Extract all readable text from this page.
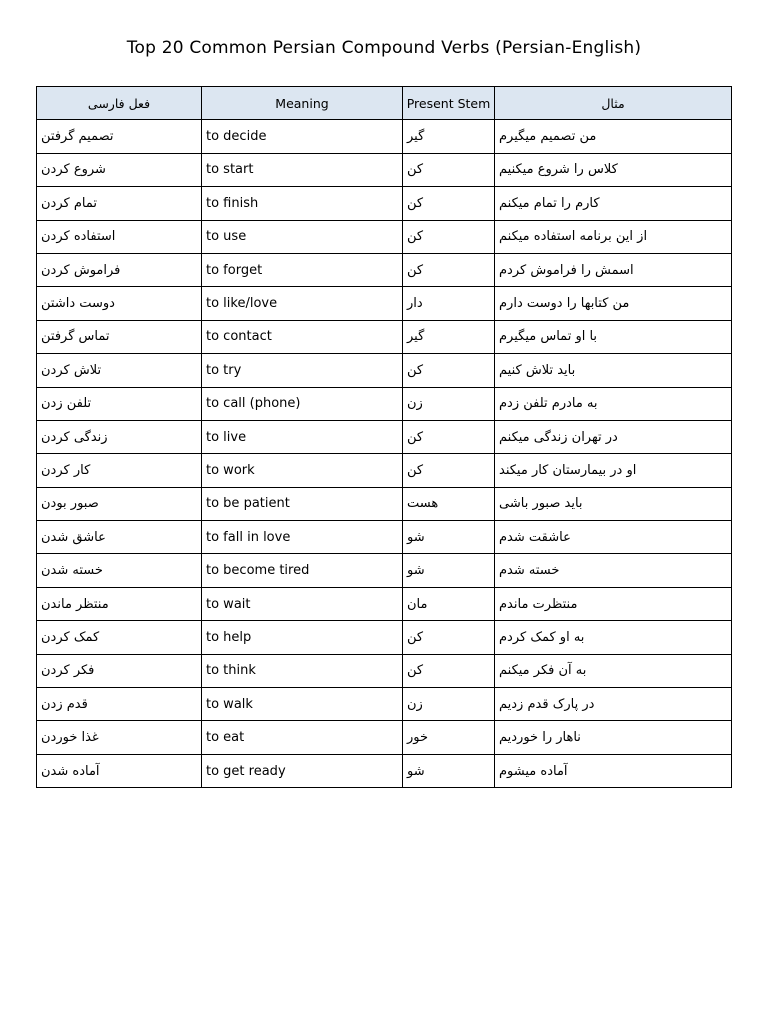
Top 20 Common Persian Compound Verbs (Persian-English)
فعل فارسی	Meaning	Present Stem	مثال
تصمیم گرفتن	to decide	گیر	من تصمیم میگیرم
شروع کردن	to start	کن	کلاس را شروع میکنیم
تمام کردن	to finish	کن	کارم را تمام میکنم
استفاده کردن	to use	کن	از این برنامه استفاده میکنم
فراموش کردن	to forget	کن	اسمش را فراموش کردم
دوست داشتن	to like/love	دار	من کتابها را دوست دارم
تماس گرفتن	to contact	گیر	با او تماس میگیرم
تلاش کردن	to try	کن	باید تلاش کنیم
تلفن زدن	to call (phone)	زن	به مادرم تلفن زدم
زندگی کردن	to live	کن	در تهران زندگی میکنم
کار کردن	to work	کن	او در بیمارستان کار میکند
صبور بودن	to be patient	هست	باید صبور باشی
عاشق شدن	to fall in love	شو	عاشقت شدم
خسته شدن	to become tired	شو	خسته شدم
منتظر ماندن	to wait	مان	منتظرت ماندم
کمک کردن	to help	کن	به او کمک کردم
فکر کردن	to think	کن	به آن فکر میکنم
قدم زدن	to walk	زن	در پارک قدم زدیم
غذا خوردن	to eat	خور	ناهار را خوردیم
آماده شدن	to get ready	شو	آماده میشوم
